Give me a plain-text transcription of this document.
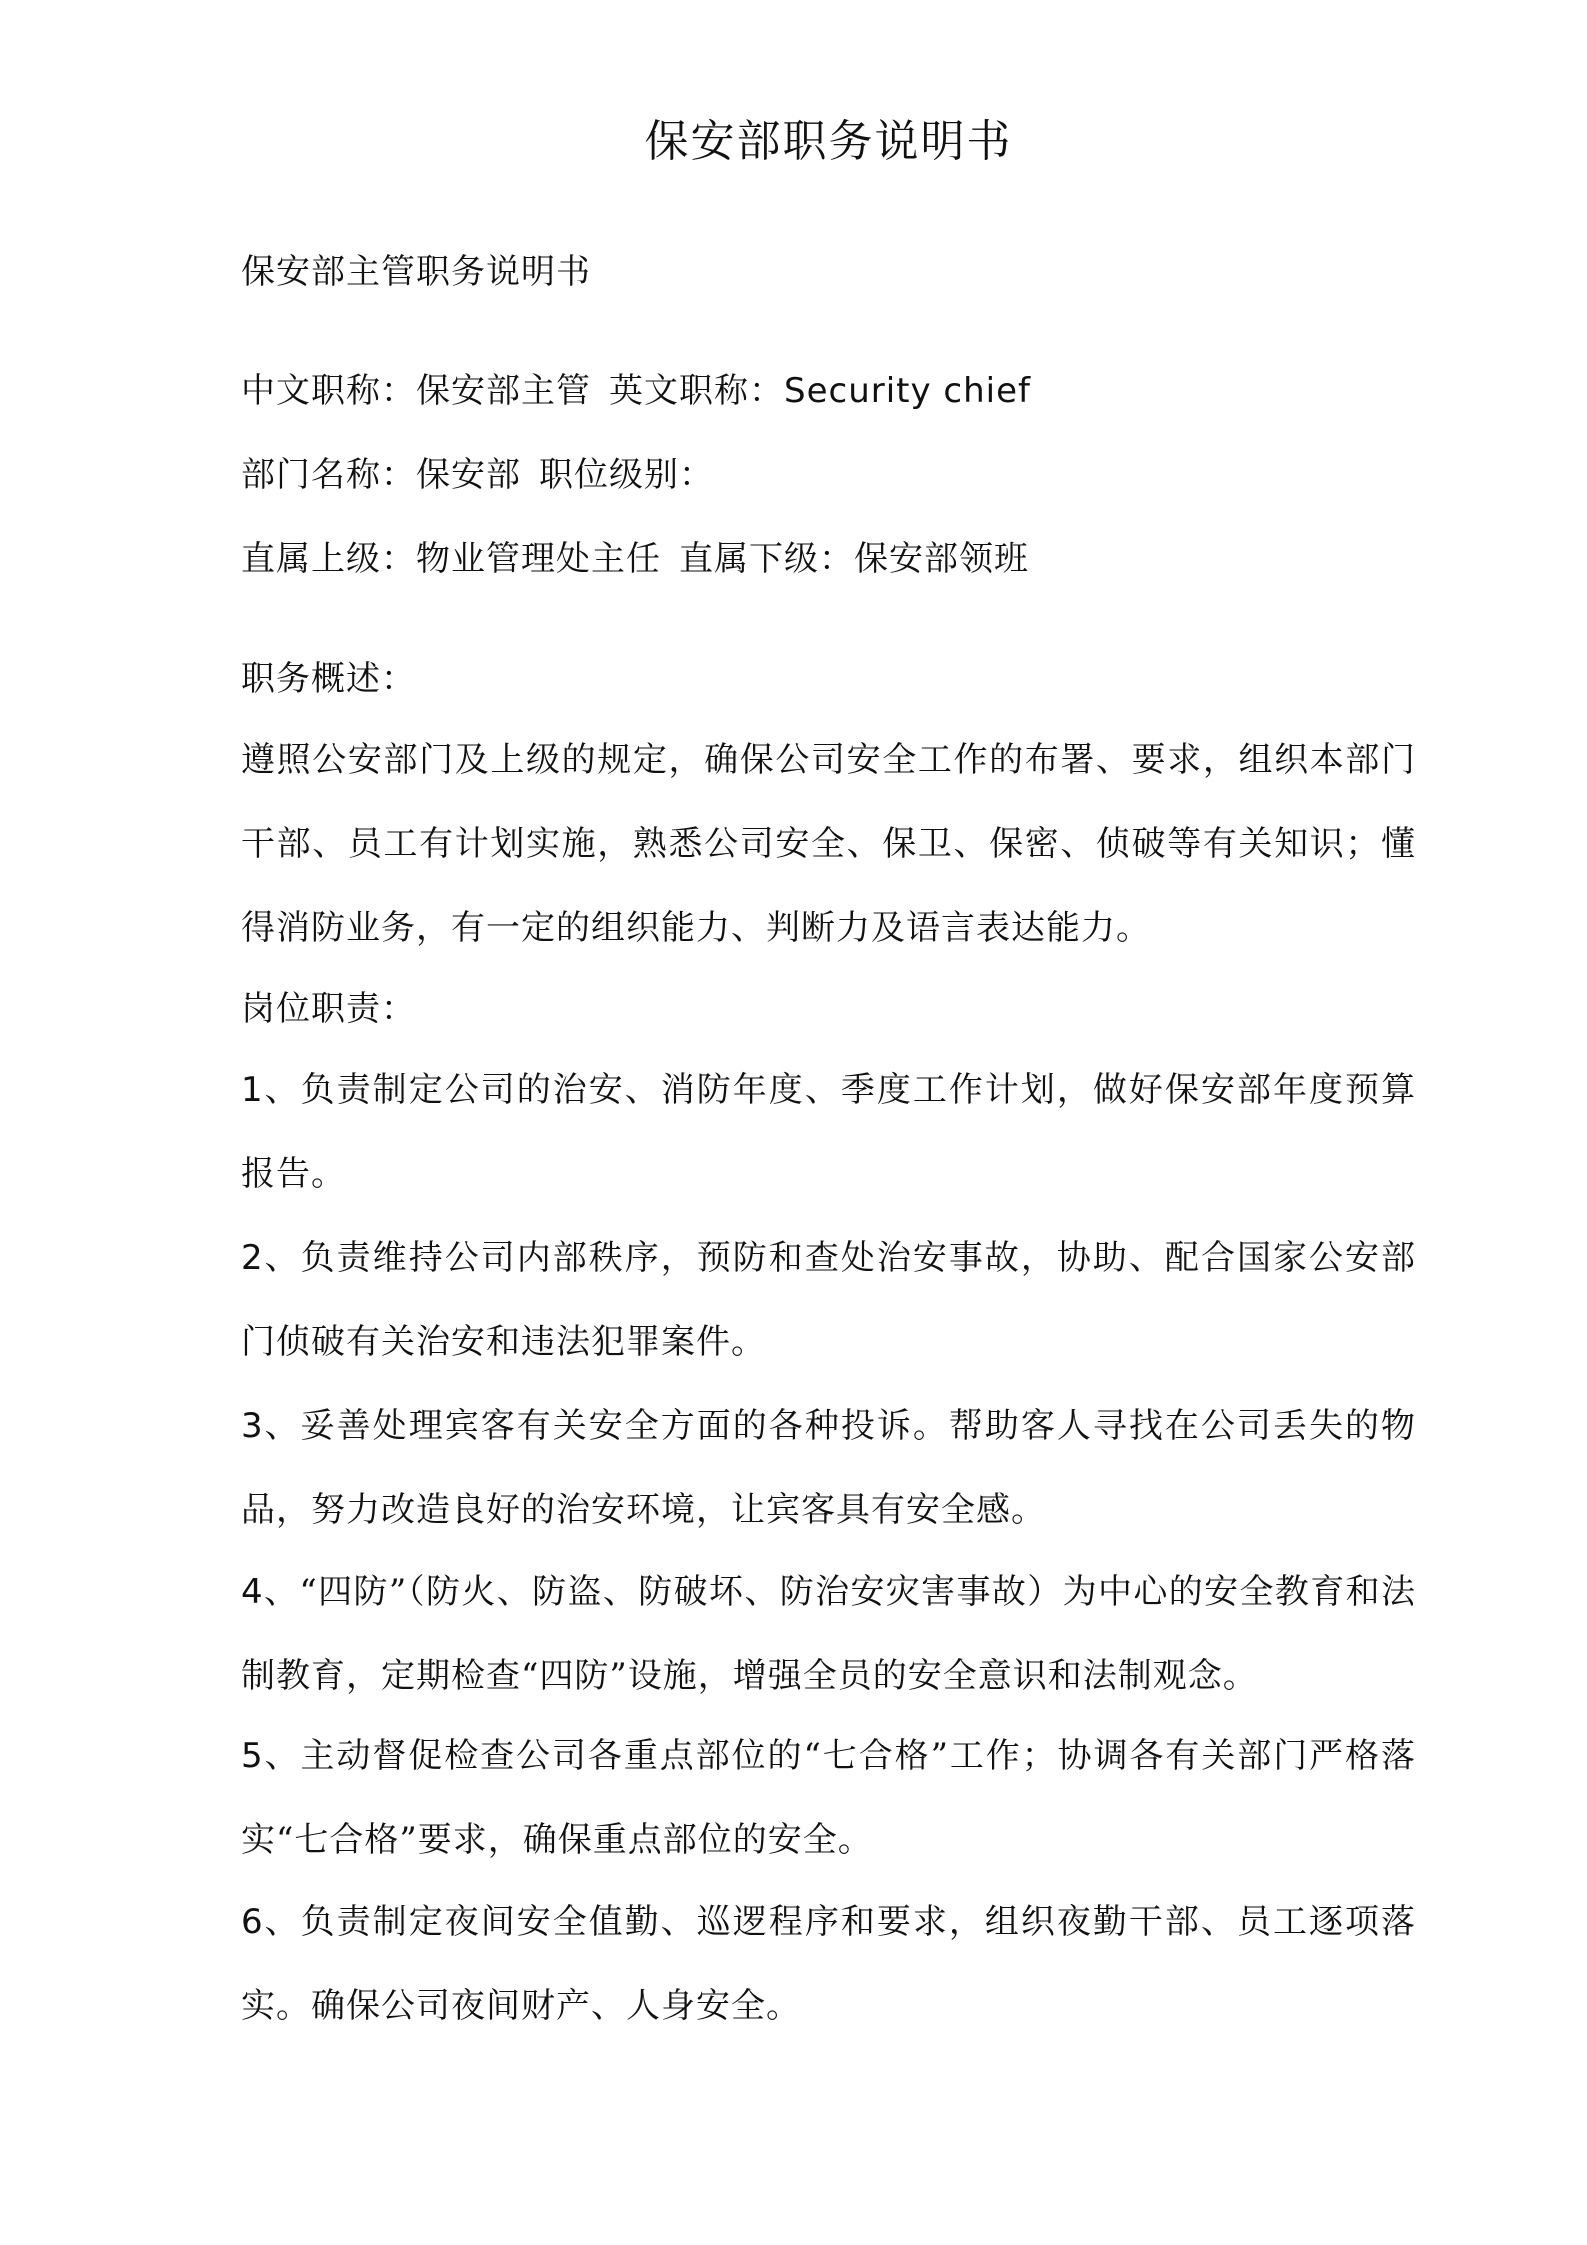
保安部职务说明书
保安部主管职务说明书
中文职称：保安部主管 英文职称：Security chief
部门名称：保安部 职位级别：
直属上级：物业管理处主任 直属下级：保安部领班
职务概述：
遵照公安部门及上级的规定，确保公司安全工作的布署、要求，组织本部门干部、员工有计划实施，熟悉公司安全、保卫、保密、侦破等有关知识；懂得消防业务，有一定的组织能力、判断力及语言表达能力。
岗位职责：
1、负责制定公司的治安、消防年度、季度工作计划，做好保安部年度预算报告。
2、负责维持公司内部秩序，预防和查处治安事故，协助、配合国家公安部门侦破有关治安和违法犯罪案件。
3、妥善处理宾客有关安全方面的各种投诉。帮助客人寻找在公司丢失的物品，努力改造良好的治安环境，让宾客具有安全感。
4、“四防”（防火、防盗、防破坏、防治安灾害事故）为中心的安全教育和法制教育，定期检查“四防”设施，增强全员的安全意识和法制观念。
5、主动督促检查公司各重点部位的“七合格”工作；协调各有关部门严格落实“七合格”要求，确保重点部位的安全。
6、负责制定夜间安全值勤、巡逻程序和要求，组织夜勤干部、员工逐项落实。确保公司夜间财产、人身安全。
